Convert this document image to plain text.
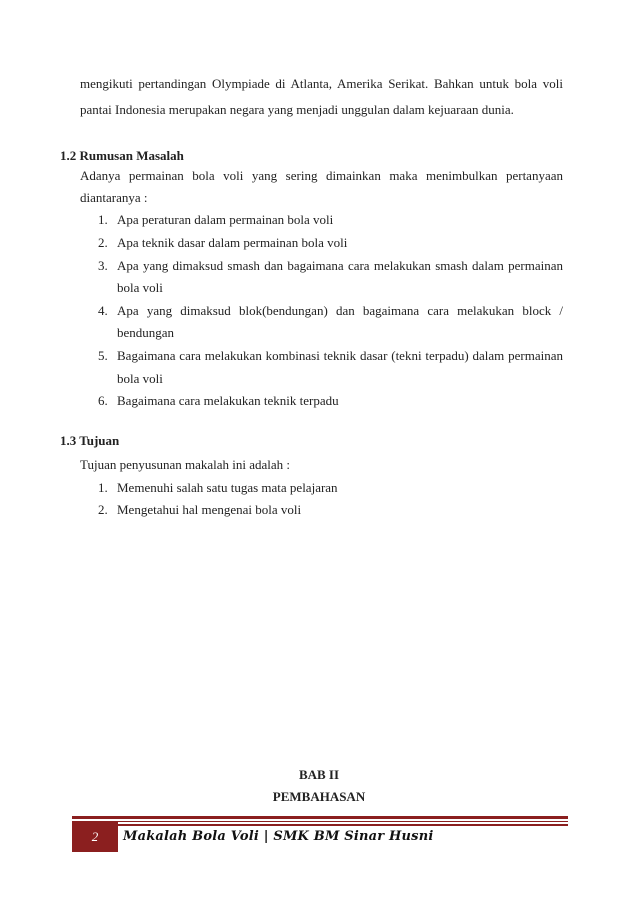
mengikuti pertandingan Olympiade di Atlanta, Amerika Serikat. Bahkan untuk bola voli
pantai Indonesia merupakan negara yang menjadi unggulan dalam kejuaraan dunia.
1.2 Rumusan Masalah
Adanya permainan bola voli yang sering dimainkan maka menimbulkan pertanyaan
diantaranya :
1. Apa peraturan dalam permainan bola voli
2. Apa teknik dasar dalam permainan bola voli
3. Apa yang dimaksud smash dan bagaimana cara melakukan smash dalam permainan
bola voli
4. Apa yang dimaksud blok(bendungan) dan bagaimana cara melakukan block /
bendungan
5. Bagaimana cara melakukan kombinasi teknik dasar (tekni terpadu) dalam permainan
bola voli
6. Bagaimana cara melakukan teknik terpadu
1.3 Tujuan
Tujuan penyusunan makalah ini adalah :
1. Memenuhi salah satu tugas mata pelajaran
2. Mengetahui hal mengenai bola voli
BAB II
PEMBAHASAN
2	Makalah Bola Voli | SMK BM Sinar Husni
